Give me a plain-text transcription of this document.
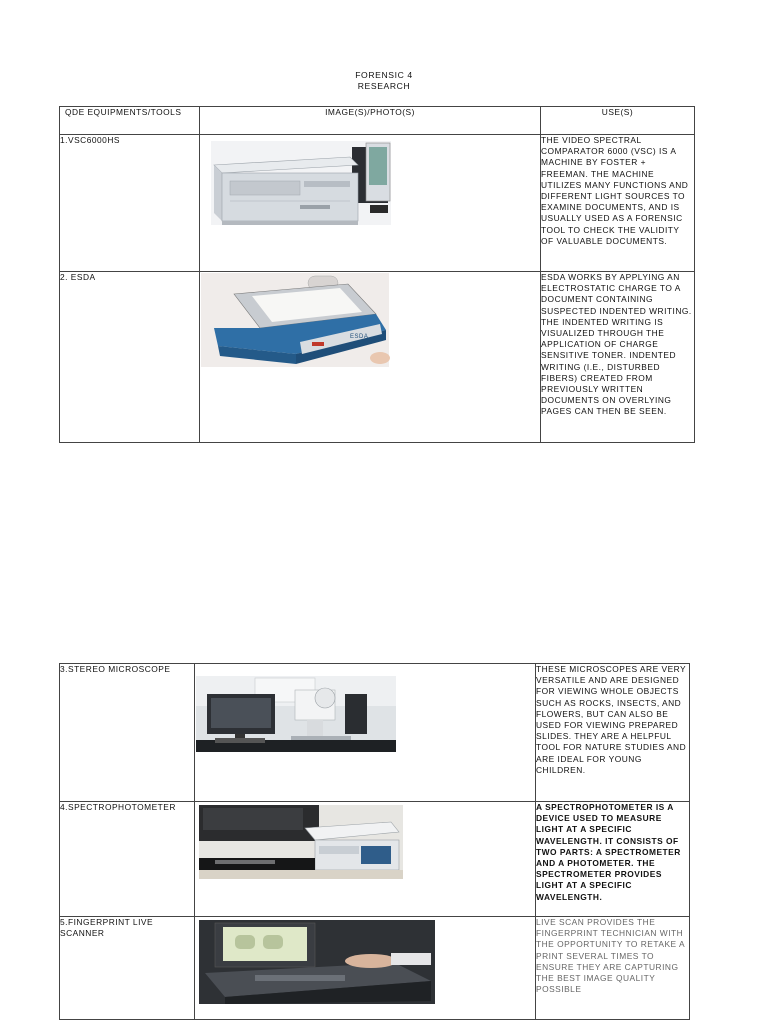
FORENSIC 4
RESEARCH
QDE EQUIPMENTS/TOOLS	IMAGE(S)/PHOTO(S)	USE(S)
1.VSC6000HS		THE VIDEO SPECTRAL COMPARATOR 6000 (VSC) IS A MACHINE BY FOSTER + FREEMAN. THE MACHINE UTILIZES MANY FUNCTIONS AND DIFFERENT LIGHT SOURCES TO EXAMINE DOCUMENTS, AND IS USUALLY USED AS A FORENSIC TOOL TO CHECK THE VALIDITY OF VALUABLE DOCUMENTS.
2. ESDA	ESDA	ESDA WORKS BY APPLYING AN ELECTROSTATIC CHARGE TO A DOCUMENT CONTAINING SUSPECTED INDENTED WRITING. THE INDENTED WRITING IS VISUALIZED THROUGH THE APPLICATION OF CHARGE SENSITIVE TONER. INDENTED WRITING (I.E., DISTURBED FIBERS) CREATED FROM PREVIOUSLY WRITTEN DOCUMENTS ON OVERLYING PAGES CAN THEN BE SEEN.
3.STEREO MICROSCOPE		THESE MICROSCOPES ARE VERY VERSATILE AND ARE DESIGNED FOR VIEWING WHOLE OBJECTS SUCH AS ROCKS, INSECTS, AND FLOWERS, BUT CAN ALSO BE USED FOR VIEWING PREPARED SLIDES. THEY ARE A HELPFUL TOOL FOR NATURE STUDIES AND ARE IDEAL FOR YOUNG CHILDREN.
4.SPECTROPHOTOMETER		A SPECTROPHOTOMETER IS A DEVICE USED TO MEASURE LIGHT AT A SPECIFIC WAVELENGTH. IT CONSISTS OF TWO PARTS: A SPECTROMETER AND A PHOTOMETER. THE SPECTROMETER PROVIDES LIGHT AT A SPECIFIC WAVELENGTH.
5.FINGERPRINT LIVE SCANNER		LIVE SCAN PROVIDES THE FINGERPRINT TECHNICIAN WITH THE OPPORTUNITY TO RETAKE A PRINT SEVERAL TIMES TO ENSURE THEY ARE CAPTURING THE BEST IMAGE QUALITY POSSIBLE
